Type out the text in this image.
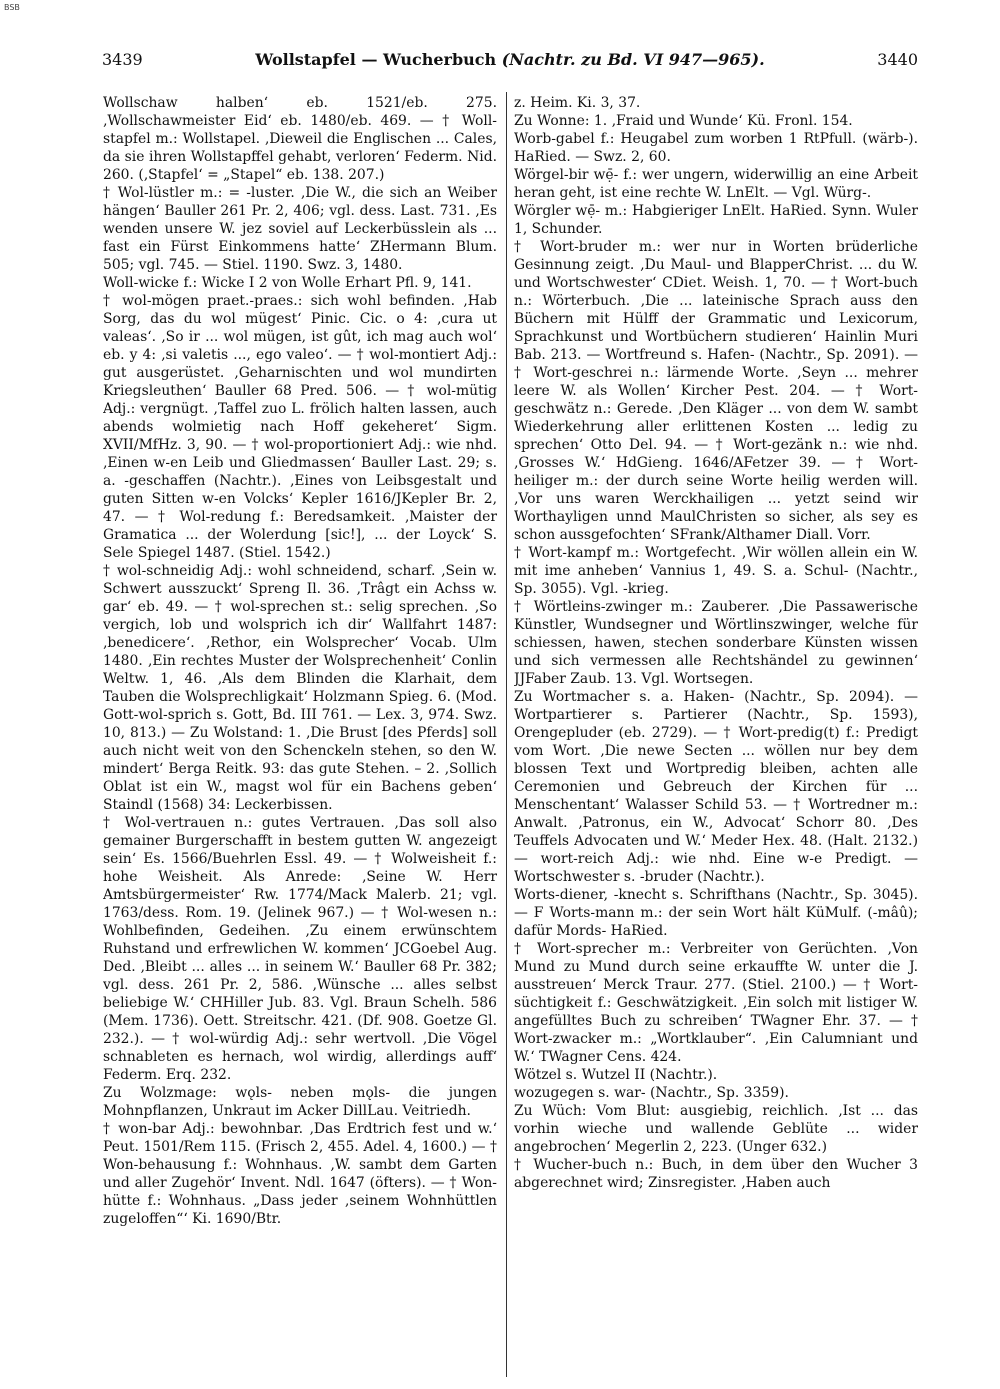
BSB
3439	Wollstapfel — Wucherbuch (Nachtr. zu Bd. VI 947—965).	3440

Wollschaw halben‘ eb. 1521/eb. 275. ‚Wollschawmeister Eid‘ eb. 1480/eb. 469. — † Woll-stapfel m.: Wollstapel. ‚Dieweil die Englischen ... Cales, da sie ihren Wollstapffel gehabt, verloren‘ Federm. Nid. 260. (‚Stapfel‘ = „Stapel“ eb. 138. 207.)

† Wol-lüstler m.: = -luster. ‚Die W., die sich an Weiber hängen‘ Bauller 261 Pr. 2, 406; vgl. dess. Last. 731. ‚Es wenden unsere W. jez soviel auf Leckerbüsslein als ... fast ein Fürst Einkommens hatte‘ ZHermann Blum. 505; vgl. 745. — Stiel. 1190. Swz. 3, 1480.

Woll-wicke f.: Wicke I 2 von Wolle Erhart Pfl. 9, 141.

† wol-mögen praet.-praes.: sich wohl befinden. ‚Hab Sorg, das du wol mügest‘ Pinic. Cic. o 4: ‚cura ut valeas‘. ‚So ir ... wol mügen, ist gût, ich mag auch wol‘ eb. y 4: ‚si valetis ..., ego valeo‘. — † wol-montiert Adj.: gut ausgerüstet. ‚Geharnischten und wol mundirten Kriegsleuthen‘ Bauller 68 Pred. 506. — † wol-mütig Adj.: vergnügt. ‚Taffel zuo L. frölich halten lassen, auch abends wolmietig nach Hoff gekeheret‘ Sigm. XVII/MfHz. 3, 90. — † wol-proportioniert Adj.: wie nhd. ‚Einen w-en Leib und Gliedmassen‘ Bauller Last. 29; s. a. -geschaffen (Nachtr.). ‚Eines von Leibsgestalt und guten Sitten w-en Volcks‘ Kepler 1616/JKepler Br. 2, 47. — † Wol-redung f.: Beredsamkeit. ‚Maister der Gramatica ... der Wolerdung [sic!], ... der Loyck‘ S. Sele Spiegel 1487. (Stiel. 1542.)

† wol-schneidig Adj.: wohl schneidend, scharf. ‚Sein w. Schwert ausszuckt‘ Spreng Il. 36. ‚Trâgt ein Achss w. gar‘ eb. 49. — † wol-sprechen st.: selig sprechen. ‚So vergich, lob und wolsprich ich dir‘ Wallfahrt 1487: ‚benedicere‘. ‚Rethor, ein Wolsprecher‘ Vocab. Ulm 1480. ‚Ein rechtes Muster der Wolsprechenheit‘ Conlin Weltw. 1, 46. ‚Als dem Blinden die Klarhait, dem Tauben die Wolsprechligkait‘ Holzmann Spieg. 6. (Mod. Gott-wol-sprich s. Gott, Bd. III 761. — Lex. 3, 974. Swz. 10, 813.) — Zu Wolstand: 1. ‚Die Brust [des Pferds] soll auch nicht weit von den Schenckeln stehen, so den W. mindert‘ Berga Reitk. 93: das gute Stehen. – 2. ‚Sollich Oblat ist ein W., magst wol für ein Bachens geben‘ Staindl (1568) 34: Leckerbissen.

† Wol-vertrauen n.: gutes Vertrauen. ‚Das soll also gemainer Burgerschafft in bestem gutten W. angezeigt sein‘ Es. 1566/Buehrlen Essl. 49. — † Wolweisheit f.: hohe Weisheit. Als Anrede: ‚Seine W. Herr Amtsbürgermeister‘ Rw. 1774/Mack Malerb. 21; vgl. 1763/dess. Rom. 19. (Jelinek 967.) — † Wol-wesen n.: Wohlbefinden, Gedeihen. ‚Zu einem erwünschtem Ruhstand und erfrewlichen W. kommen‘ JCGoebel Aug. Ded. ‚Bleibt ... alles ... in seinem W.‘ Bauller 68 Pr. 382; vgl. dess. 261 Pr. 2, 586. ‚Wünsche ... alles selbst beliebige W.‘ CHHiller Jub. 83. Vgl. Braun Schelh. 586 (Mem. 1736). Oett. Streitschr. 421. (Df. 908. Goetze Gl. 232.). — † wol-würdig Adj.: sehr wertvoll. ‚Die Vögel schnableten es hernach, wol wirdig, allerdings auff‘ Federm. Erq. 232.

Zu Wolzmage: wǫls- neben mǫls- die jungen Mohnpflanzen, Unkraut im Acker DillLau. Veitriedh.

† won-bar Adj.: bewohnbar. ‚Das Erdtrich fest und w.‘ Peut. 1501/Rem 115. (Frisch 2, 455. Adel. 4, 1600.) — † Won-behausung f.: Wohnhaus. ‚W. sambt dem Garten und aller Zugehör‘ Invent. Ndl. 1647 (öfters). — † Won-hütte f.: Wohnhaus. „Dass jeder ‚seinem Wohnhüttlen zugeloffen“‘ Ki. 1690/Btr.

z. Heim. Ki. 3, 37.

Zu Wonne: 1. ‚Fraid und Wunde‘ Kü. Fronl. 154.

Worb-gabel f.: Heugabel zum worben 1 RtPfull. (wärb-). HaRied. — Swz. 2, 60.

Wörgel-bir wẹ̄- f.: wer ungern, widerwillig an eine Arbeit heran geht, ist eine rechte W. LnElt. — Vgl. Würg-.

Wörgler wẹ̄- m.: Habgieriger LnElt. HaRied. Synn. Wuler 1, Schunder.

† Wort-bruder m.: wer nur in Worten brüderliche Gesinnung zeigt. ‚Du Maul- und BlapperChrist. ... du W. und Wortschwester‘ CDiet. Weish. 1, 70. — † Wort-buch n.: Wörterbuch. ‚Die ... lateinische Sprach auss den Büchern mit Hülff der Grammatic und Lexicorum, Sprachkunst und Wortbüchern studieren‘ Hainlin Muri Bab. 213. — Wortfreund s. Hafen- (Nachtr., Sp. 2091). — † Wort-geschrei n.: lärmende Worte. ‚Seyn ... mehrer leere W. als Wollen‘ Kircher Pest. 204. — † Wort-geschwätz n.: Gerede. ‚Den Kläger ... von dem W. sambt Wiederkehrung aller erlittenen Kosten ... ledig zu sprechen‘ Otto Del. 94. — † Wort-gezänk n.: wie nhd. ‚Grosses W.‘ HdGieng. 1646/AFetzer 39. — † Wort-heiliger m.: der durch seine Worte heilig werden will. ‚Vor uns waren Werckhailigen ... yetzt seind wir Worthayligen unnd MaulChristen so sicher, als sey es schon aussgefochten‘ SFrank/Althamer Diall. Vorr.

† Wort-kampf m.: Wortgefecht. ‚Wir wöllen allein ein W. mit ime anheben‘ Vannius 1, 49. S. a. Schul- (Nachtr., Sp. 3055). Vgl. -krieg.

† Wörtleins-zwinger m.: Zauberer. ‚Die Passawerische Künstler, Wundsegner und Wörtlinszwinger, welche für schiessen, hawen, stechen sonderbare Künsten wissen und sich vermessen alle Rechtshändel zu gewinnen‘ JJFaber Zaub. 13. Vgl. Wortsegen.

Zu Wortmacher s. a. Haken- (Nachtr., Sp. 2094). — Wortpartierer s. Partierer (Nachtr., Sp. 1593), Orengepluder (eb. 2729). — † Wort-predig(t) f.: Predigt vom Wort. ‚Die newe Secten ... wöllen nur bey dem blossen Text und Wortpredig bleiben, achten alle Ceremonien und Gebreuch der Kirchen für ... Menschentant‘ Walasser Schild 53. — † Wortredner m.: Anwalt. ‚Patronus, ein W., Advocat‘ Schorr 80. ‚Des Teuffels Advocaten und W.‘ Meder Hex. 48. (Halt. 2132.) — wort-reich Adj.: wie nhd. Eine w-e Predigt. — Wortschwester s. -bruder (Nachtr.).

Worts-diener, -knecht s. Schrifthans (Nachtr., Sp. 3045). — F Worts-mann m.: der sein Wort hält KüMulf. (-mâû); dafür Mords- HaRied.

† Wort-sprecher m.: Verbreiter von Gerüchten. ‚Von Mund zu Mund durch seine erkauffte W. unter die J. ausstreuen‘ Merck Traur. 277. (Stiel. 2100.) — † Wort-süchtigkeit f.: Geschwätzigkeit. ‚Ein solch mit listiger W. angefülltes Buch zu schreiben‘ TWagner Ehr. 37. — † Wort-zwacker m.: „Wortklauber“. ‚Ein Calumniant und W.‘ TWagner Cens. 424.

Wötzel s. Wutzel II (Nachtr.).

wozugegen s. war- (Nachtr., Sp. 3359).

Zu Wüch: Vom Blut: ausgiebig, reichlich. ‚Ist ... das vorhin wieche und wallende Geblüte ... wider angebrochen‘ Megerlin 2, 223. (Unger 632.)

† Wucher-buch n.: Buch, in dem über den Wucher 3 abgerechnet wird; Zinsregister. ‚Haben auch
